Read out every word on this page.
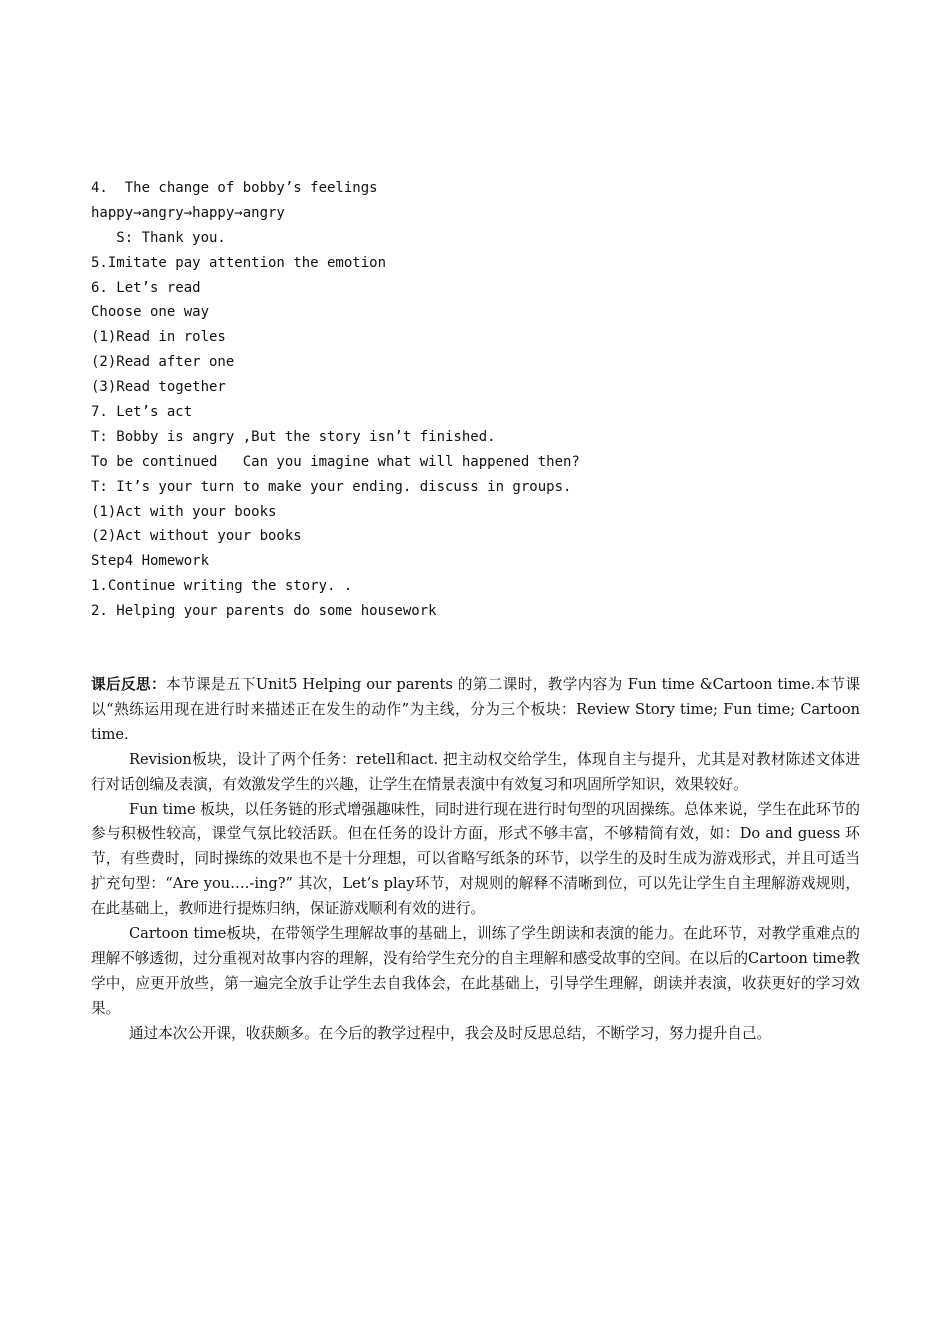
4.  The change of bobby’s feelings
happy→angry→happy→angry
S: Thank you.
5.Imitate pay attention the emotion
6. Let’s read
Choose one way
(1)Read in roles
(2)Read after one
(3)Read together
7. Let’s act
T: Bobby is angry ,But the story isn’t finished.
To be continued   Can you imagine what will happened then?
T: It’s your turn to make your ending. discuss in groups.
(1)Act with your books
(2)Act without your books
Step4 Homework
1.Continue writing the story. .
2. Helping your parents do some housework

课后反思：本节课是五下Unit5 Helping our parents 的第二课时，教学内容为 Fun time &Cartoon time.本节课以“熟练运用现在进行时来描述正在发生的动作”为主线，分为三个板块：Review Story time; Fun time; Cartoon time.

Revision板块，设计了两个任务：retell和act. 把主动权交给学生，体现自主与提升，尤其是对教材陈述文体进行对话创编及表演，有效激发学生的兴趣，让学生在情景表演中有效复习和巩固所学知识，效果较好。

Fun time 板块，以任务链的形式增强趣味性，同时进行现在进行时句型的巩固操练。总体来说，学生在此环节的参与积极性较高，课堂气氛比较活跃。但在任务的设计方面，形式不够丰富，不够精简有效，如：Do and guess 环节，有些费时，同时操练的效果也不是十分理想，可以省略写纸条的环节，以学生的及时生成为游戏形式，并且可适当扩充句型：“Are you….-ing?” 其次，Let’s play环节，对规则的解释不清晰到位，可以先让学生自主理解游戏规则，在此基础上，教师进行提炼归纳，保证游戏顺利有效的进行。

Cartoon time板块，在带领学生理解故事的基础上，训练了学生朗读和表演的能力。在此环节，对教学重难点的理解不够透彻，过分重视对故事内容的理解，没有给学生充分的自主理解和感受故事的空间。在以后的Cartoon time教学中，应更开放些，第一遍完全放手让学生去自我体会，在此基础上，引导学生理解，朗读并表演，收获更好的学习效果。

通过本次公开课，收获颇多。在今后的教学过程中，我会及时反思总结，不断学习，努力提升自己。
